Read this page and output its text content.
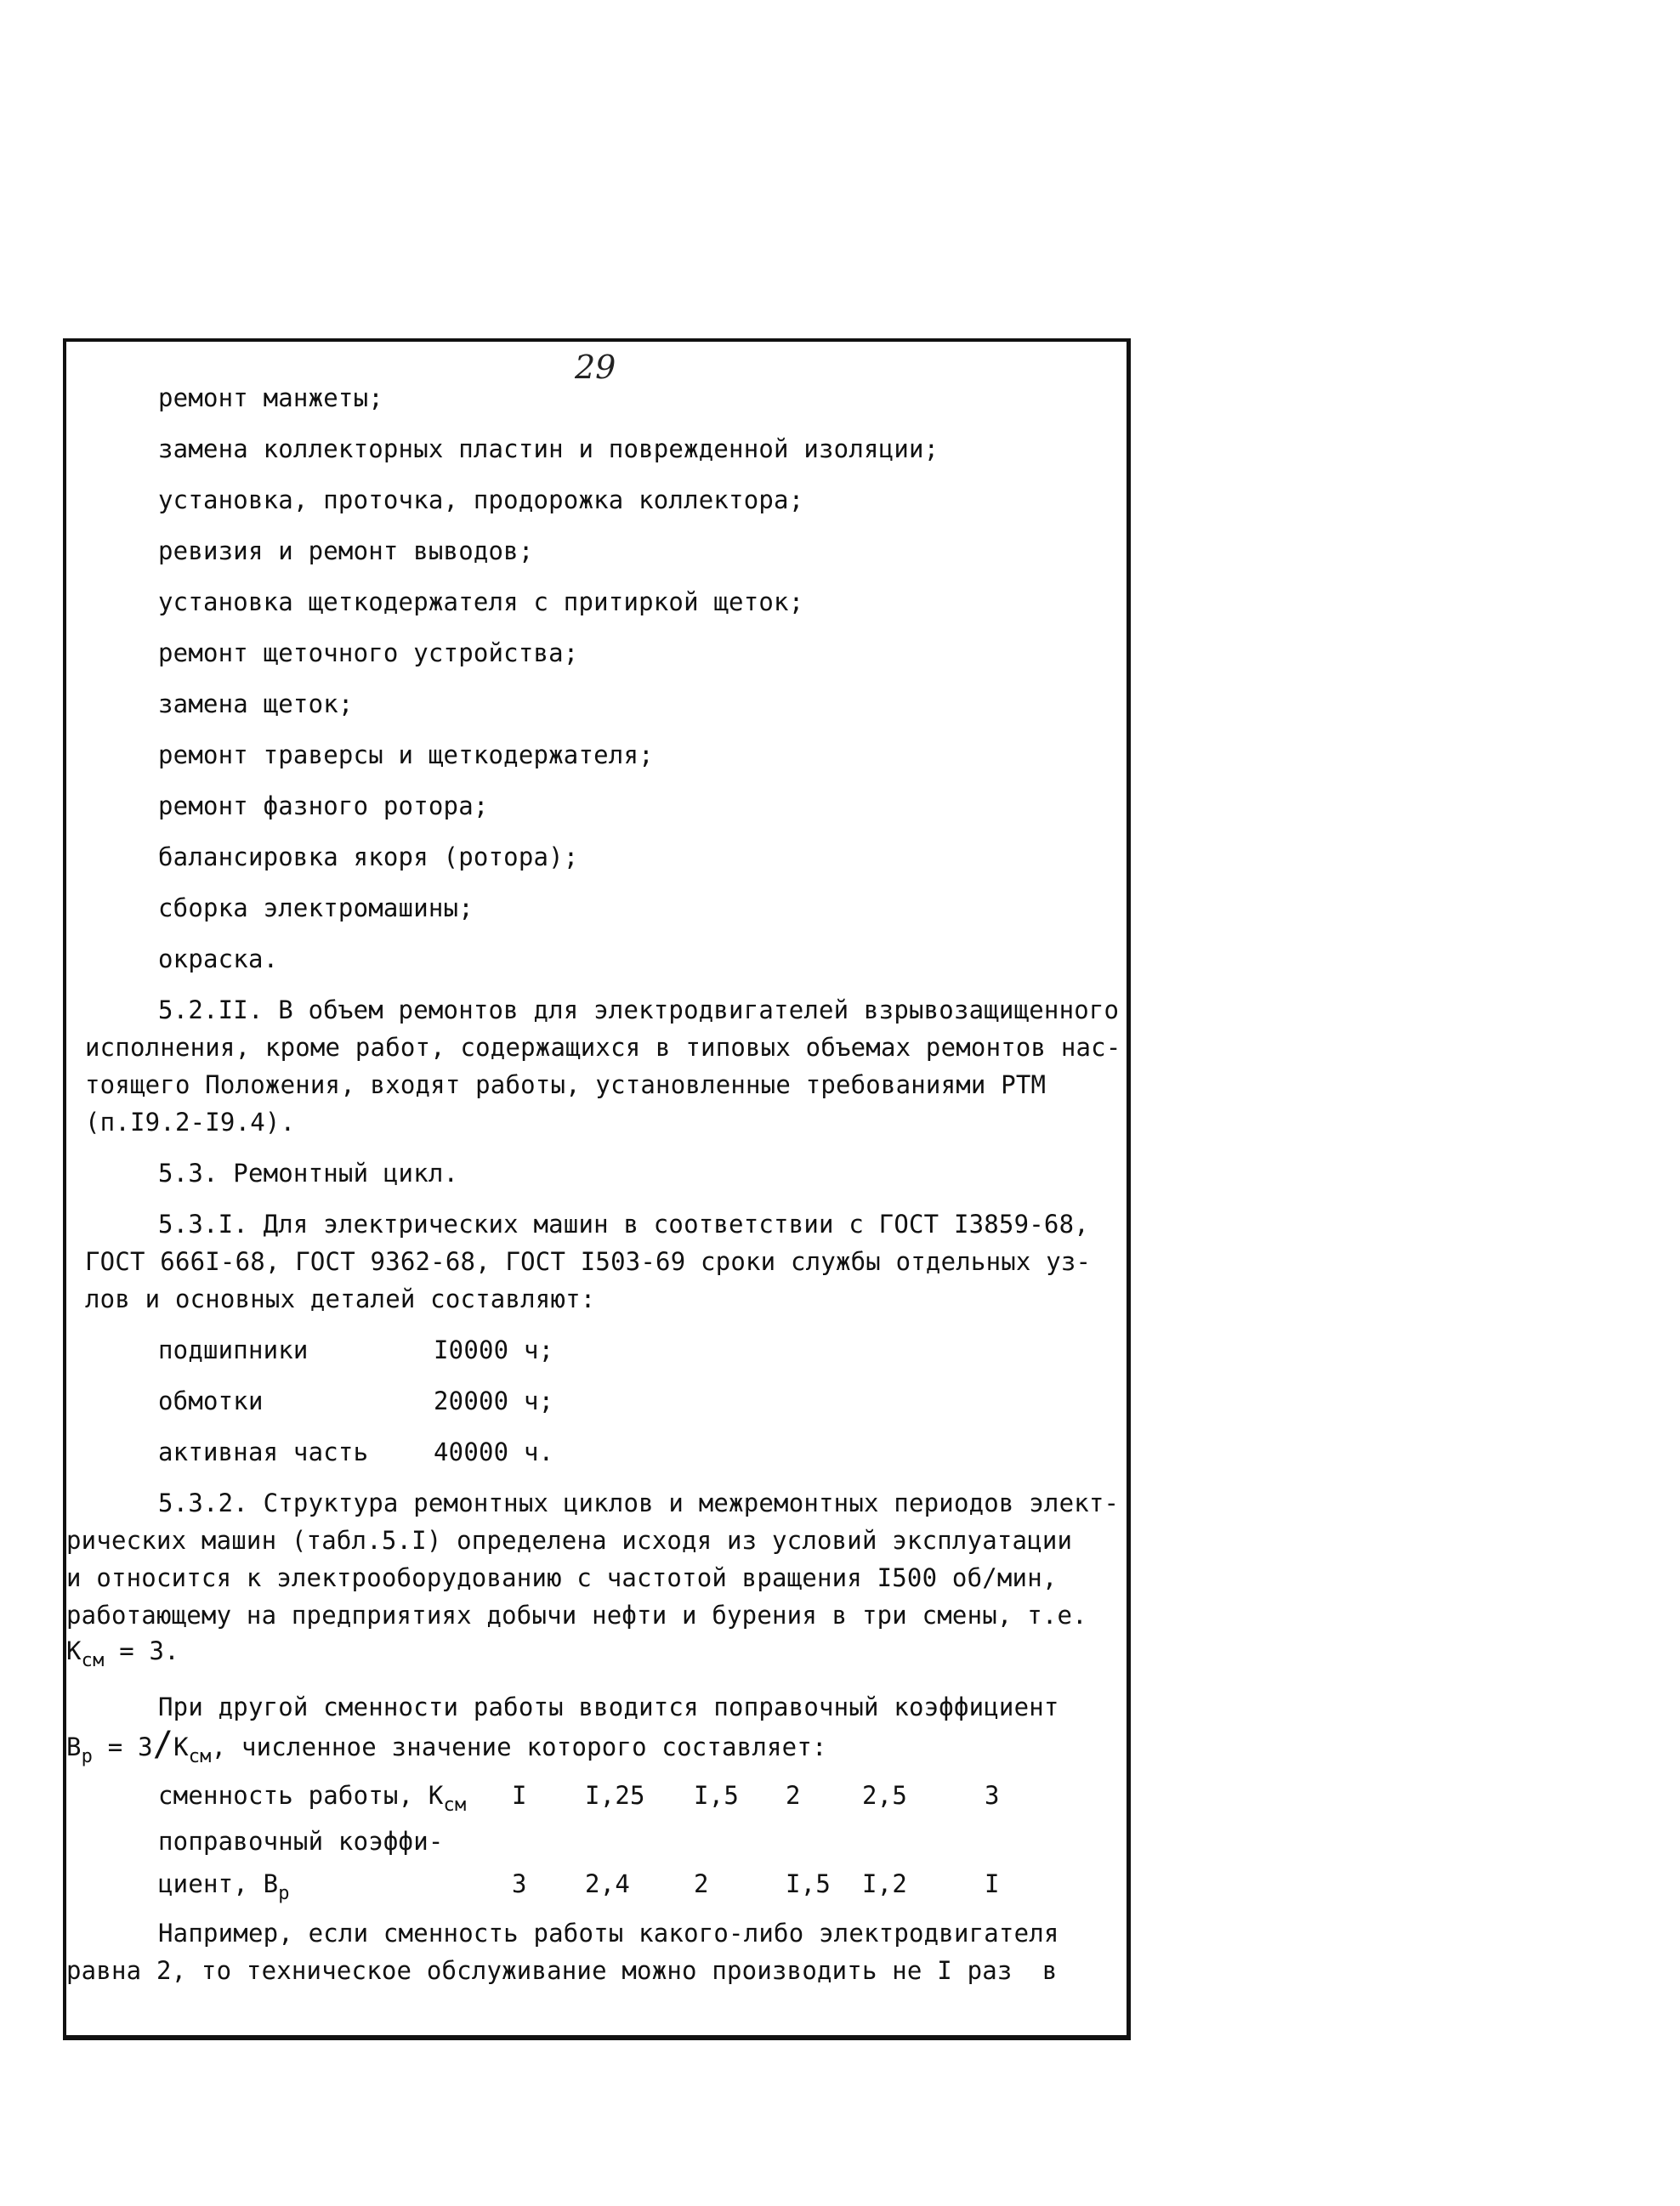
29
ремонт манжеты;
замена коллекторных пластин и поврежденной изоляции;
установка, проточка, продорожка коллектора;
ревизия и ремонт выводов;
установка щеткодержателя с притиркой щеток;
ремонт щеточного устройства;
замена щеток;
ремонт траверсы и щеткодержателя;
ремонт фазного ротора;
балансировка якоря (ротора);
сборка электромашины;
окраска.
5.2.II. В объем ремонтов для электродвигателей взрывозащищенного
исполнения, кроме работ, содержащихся в типовых объемах ремонтов нас-
тоящего Положения, входят работы, установленные требованиями РТМ
(п.I9.2-I9.4).
5.3. Ремонтный цикл.
5.3.I. Для электрических машин в соответствии с ГОСТ I3859-68,
ГОСТ 666I-68, ГОСТ 9362-68, ГОСТ I503-69 сроки службы отдельных уз-
лов и основных деталей составляют:
подшипники	I0000 ч;
обмотки	20000 ч;
активная часть	40000 ч.
5.3.2. Структура ремонтных циклов и межремонтных периодов элект-
рических машин (табл.5.I) определена исходя из условий эксплуатации
и относится к электрооборудованию с частотой вращения I500 об/мин,
работающему на предприятиях добычи нефти и бурения в три смены, т.е.
$К_{см} = 3$.
При другой сменности работы вводится поправочный коэффициент
$В_р = 3/К_{см}$, численное значение которого составляет:
сменность работы, $К_{см}$ I I,25 I,5 2 2,5	3
поправочный коэффи-
циент, $В_р$	3 2,4	2	I,5 I,2	I
Например, если сменность работы какого-либо электродвигателя
равна 2, то техническое обслуживание можно производить не I раз  в
